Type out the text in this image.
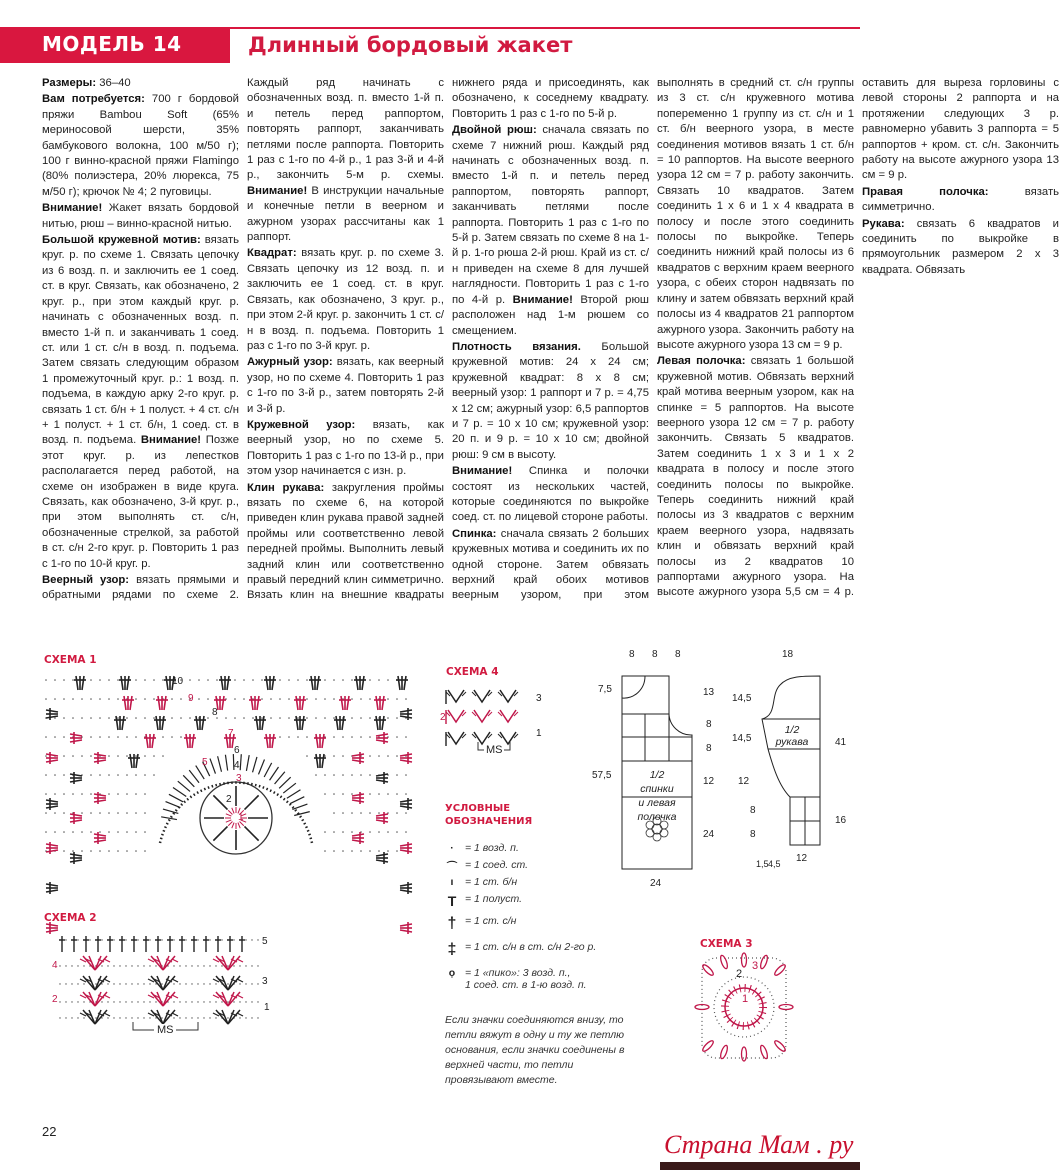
МОДЕЛЬ 14	Длинный бордовый жакет

Размеры: 36–40

Вам потребуется: 700 г бордовой пряжи Bambou Soft (65% мериносовой шерсти, 35% бамбукового волокна, 100 м/50 г); 100 г винно-красной пряжи Flamingo (80% полиэстера, 20% люрекса, 75 м/50 г); крючок № 4; 2 пуговицы.

Внимание! Жакет вязать бордовой нитью, рюш – винно-красной нитью.

Большой кружевной мотив: вязать круг. р. по схеме 1. Связать цепочку из 6 возд. п. и заключить ее 1 соед. ст. в круг. Связать, как обозначено, 2 круг. р., при этом каждый круг. р. начинать с обозначенных возд. п. вместо 1-й п. и заканчивать 1 соед. ст. или 1 ст. с/н в возд. п. подъема. Затем связать следующим образом 1 промежуточный круг. р.: 1 возд. п. подъема, в каждую арку 2-го круг. р. связать 1 ст. б/н + 1 полуст. + 4 ст. с/н + 1 полуст. + 1 ст. б/н, 1 соед. ст. в возд. п. подъема. Внимание! Позже этот круг. р. из лепестков располагается перед работой, на схеме он изображен в виде круга. Связать, как обозначено, 3-й круг. р., при этом выполнять ст. с/н, обозначенные стрелкой, за работой в ст. с/н 2-го круг. р. Повторить 1 раз с 1-го по 10-й круг. р.

Веерный узор: вязать прямыми и обратными рядами по схеме 2. Каждый ряд начинать с обозначенных возд. п. вместо 1-й п. и петель перед раппортом, повторять раппорт, заканчивать петлями после раппорта. Повторить 1 раз с 1-го по 4-й р., 1 раз 3-й и 4-й р., закончить 5-м р. схемы. Внимание! В инструкции начальные и конечные петли в веерном и ажурном узорах рассчитаны как 1 раппорт.

Квадрат: вязать круг. р. по схеме 3. Связать цепочку из 12 возд. п. и заключить ее 1 соед. ст. в круг. Связать, как обозначено, 3 круг. р., при этом 2-й круг. р. закончить 1 ст. с/н в возд. п. подъема. Повторить 1 раз с 1-го по 3-й круг. р.

Ажурный узор: вязать, как веерный узор, но по схеме 4. Повторить 1 раз с 1-го по 3-й р., затем повторять 2-й и 3-й р.

Кружевной узор: вязать, как веерный узор, но по схеме 5. Повторить 1 раз с 1-го по 13-й р., при этом узор начинается с изн. р.

Клин рукава: закругления проймы вязать по схеме 6, на которой приведен клин рукава правой задней проймы или соответственно левой передней проймы. Выполнить левый задний клин или соответственно правый передний клин симметрично. Вязать клин на внешние квадраты нижнего ряда и присоединять, как обозначено, к соседнему квадрату. Повторить 1 раз с 1-го по 5-й р.

Двойной рюш: сначала связать по схеме 7 нижний рюш. Каждый ряд начинать с обозначенных возд. п. вместо 1-й п. и петель перед раппортом, повторять раппорт, заканчивать петлями после раппорта. Повторить 1 раз с 1-го по 5-й р. Затем связать по схеме 8 на 1-й р. 1-го рюша 2-й рюш. Край из ст. с/н приведен на схеме 8 для лучшей наглядности. Повторить 1 раз с 1-го по 4-й р. Внимание! Второй рюш расположен над 1-м рюшем со смещением.

Плотность вязания. Большой кружевной мотив: 24 x 24 см; кружевной квадрат: 8 x 8 см; веерный узор: 1 раппорт и 7 р. = 4,75 x 12 см; ажурный узор: 6,5 раппортов и 7 р. = 10 x 10 см; кружевной узор: 20 п. и 9 р. = 10 x 10 см; двойной рюш: 9 см в высоту.

Внимание! Спинка и полочки состоят из нескольких частей, которые соединяются по выкройке соед. ст. по лицевой стороне работы.

Спинка: сначала связать 2 больших кружевных мотива и соединить их по одной стороне. Затем обвязать верхний край обоих мотивов веерным узором, при этом выполнять в средний ст. с/н группы из 3 ст. с/н кружевного мотива попеременно 1 группу из ст. с/н и 1 ст. б/н веерного узора, в месте соединения мотивов вязать 1 ст. б/н = 10 раппортов. На высоте веерного узора 12 см = 7 р. работу закончить. Связать 10 квадратов. Затем соединить 1 x 6 и 1 x 4 квадрата в полосу и после этого соединить полосы по выкройке. Теперь соединить нижний край полосы из 6 квадратов с верхним краем веерного узора, с обеих сторон надвязать по клину и затем обвязать верхний край полосы из 4 квадратов 21 раппортом ажурного узора. Закончить работу на высоте ажурного узора 13 см = 9 р.

Левая полочка: связать 1 большой кружевной мотив. Обвязать верхний край мотива веерным узором, как на спинке = 5 раппортов. На высоте веерного узора 12 см = 7 р. работу закончить. Связать 5 квадратов. Затем соединить 1 x 3 и 1 x 2 квадрата в полосу и после этого соединить полосы по выкройке. Теперь соединить нижний край полосы из 3 квадратов с верхним краем веерного узора, надвязать клин и обвязать верхний край полосы из 2 квадратов 10 раппортами ажурного узора. На высоте ажурного узора 5,5 см = 4 р. оставить для выреза горловины с левой стороны 2 раппорта и на протяжении следующих 3 р. равномерно убавить 3 раппорта = 5 раппортов + кром. ст. с/н. Закончить работу на высоте ажурного узора 13 см = 9 р.

Правая полочка: вязать симметрично.

Рукава: связать 6 квадратов и соединить по выкройке в прямоугольник размером 2 x 3 квадрата. Обвязать

СХЕМА 1
1
2
3
4
5
6
7
8
9
10
СХЕМА 2
1
2
3
4
5
MS
СХЕМА 4
1
2
3
MS
УСЛОВНЫЕ
ОБОЗНАЧЕНИЯ
·	= 1 возд. п.
⌒ = 1 соед. ст.
ı	= 1 ст. б/н
T = 1 полуст.
† = 1 ст. с/н
‡ = 1 ст. с/н в ст. с/н 2-го р.
ọ = 1 «пико»: 3 возд. п.,
1 соед. ст. в 1-ю возд. п.
Если значки соединяются внизу, то петли вяжут в одну и ту же петлю основания, если значки соединены в верхней части, то петли провязывают вместе.
8 8 8
7,5
57,5
24
13
8
8
12
24
1/2
спинки
и левая
полочка
18
14,5
14,5
12
8
8
41
16
1,5 4,5 12
1/2
рукава
СХЕМА 3
1
2
3
22	Страна Мам . ру
